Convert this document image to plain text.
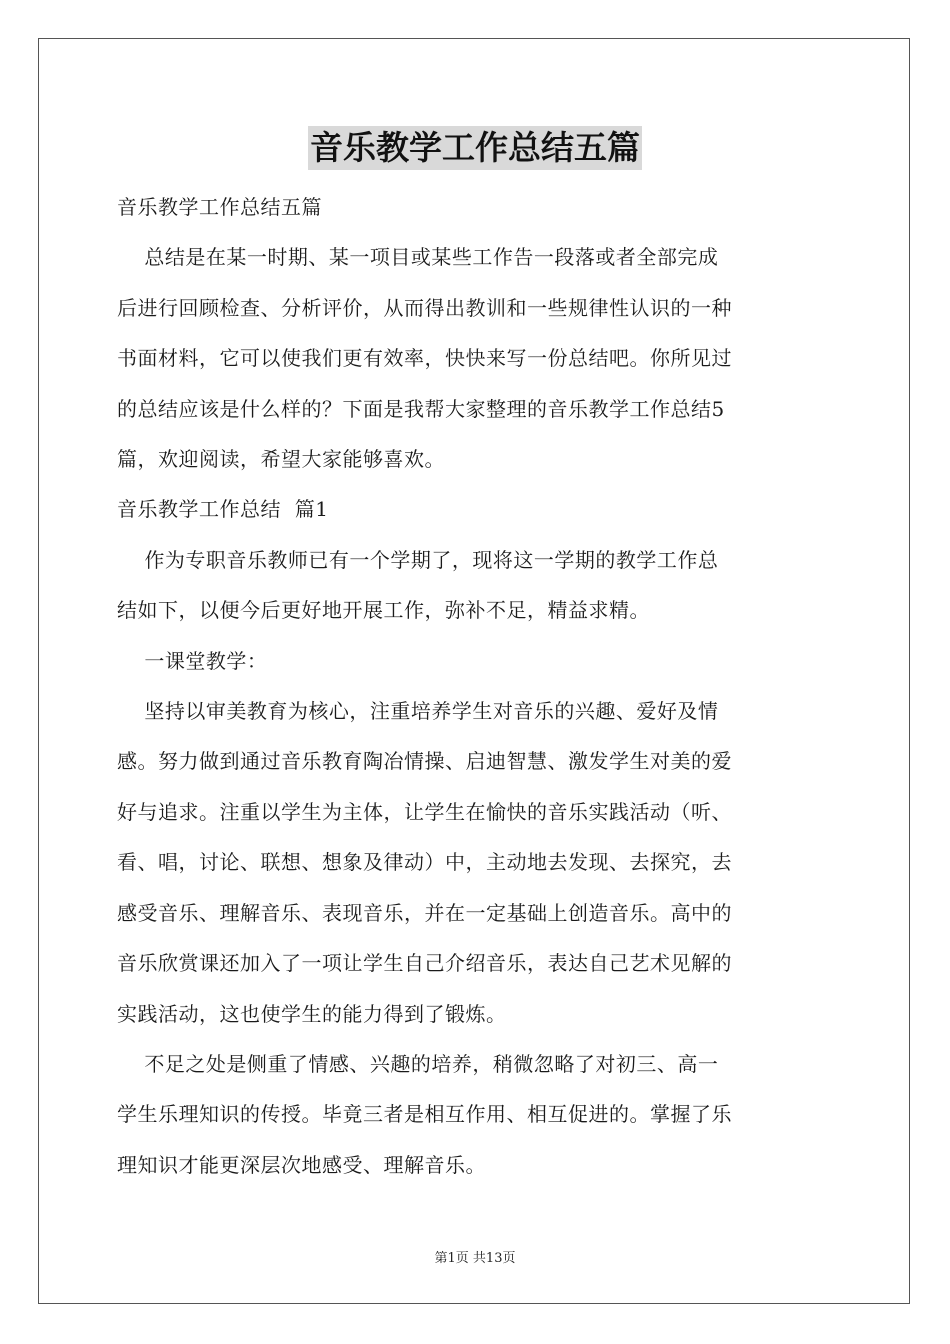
音乐教学工作总结五篇
音乐教学工作总结五篇
总结是在某一时期、某一项目或某些工作告一段落或者全部完成
后进行回顾检查、分析评价，从而得出教训和一些规律性认识的一种
书面材料，它可以使我们更有效率，快快来写一份总结吧。你所见过
的总结应该是什么样的？下面是我帮大家整理的音乐教学工作总结5
篇，欢迎阅读，希望大家能够喜欢。
音乐教学工作总结  篇1
作为专职音乐教师已有一个学期了，现将这一学期的教学工作总
结如下，以便今后更好地开展工作，弥补不足，精益求精。
一课堂教学：
坚持以审美教育为核心，注重培养学生对音乐的兴趣、爱好及情
感。努力做到通过音乐教育陶冶情操、启迪智慧、激发学生对美的爱
好与追求。注重以学生为主体，让学生在愉快的音乐实践活动（听、
看、唱，讨论、联想、想象及律动）中，主动地去发现、去探究，去
感受音乐、理解音乐、表现音乐，并在一定基础上创造音乐。高中的
音乐欣赏课还加入了一项让学生自己介绍音乐，表达自己艺术见解的
实践活动，这也使学生的能力得到了锻炼。
不足之处是侧重了情感、兴趣的培养，稍微忽略了对初三、高一
学生乐理知识的传授。毕竟三者是相互作用、相互促进的。掌握了乐
理知识才能更深层次地感受、理解音乐。
第1页 共13页
